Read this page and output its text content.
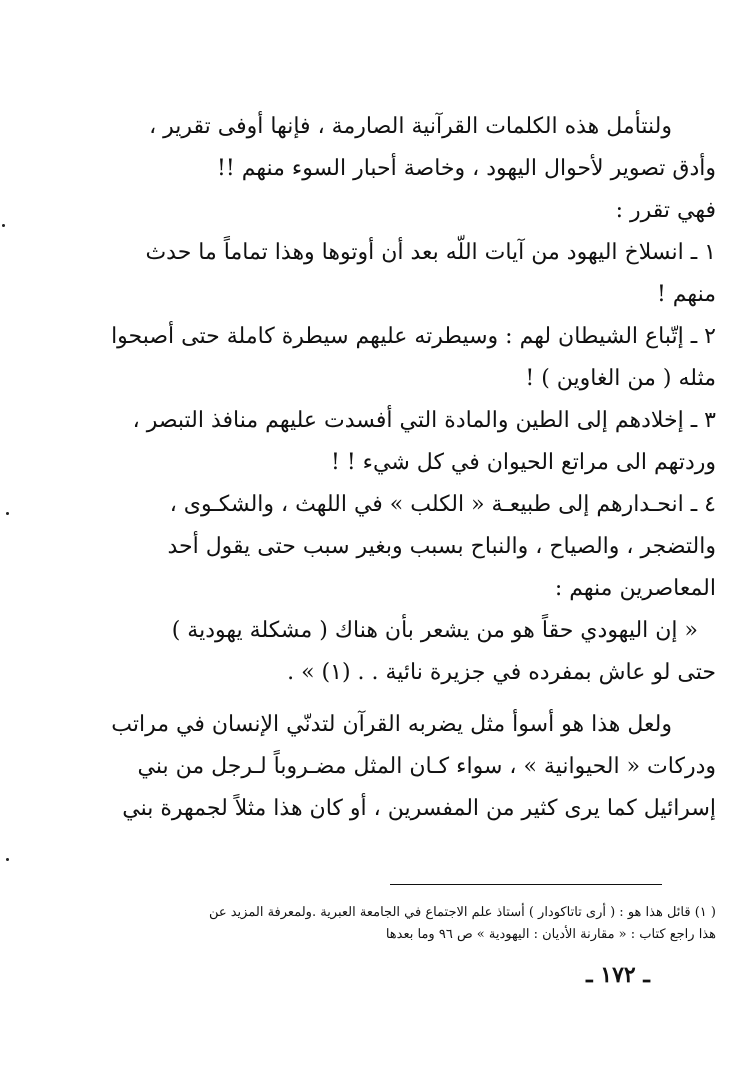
ولنتأمل هذه الكلمات القرآنية الصارمة ، فإنها أوفى تقرير ،
وأدق تصوير لأحوال اليهود ، وخاصة أحبار السوء منهم !!
فهي تقرر :
١ ـ انسلاخ اليهود من آيات اللّه بعد أن أوتوها وهذا تماماً ما حدث
منهم !
٢ ـ إتّباع الشيطان لهم : وسيطرته عليهم سيطرة كاملة حتى أصبحوا
مثله ( من الغاوين ) !
٣ ـ إخلادهم إلى الطين والمادة التي أفسدت عليهم منافذ التبصر ،
وردتهم الى مراتع الحيوان في كل شيء ! !
٤ ـ انحـدارهم إلى طبيعـة « الكلب » في اللهث ، والشكـوى ،
والتضجر ، والصياح ، والنباح بسبب وبغير سبب حتى يقول أحد
المعاصرين منهم :
« إن اليهودي حقاً هو من يشعر بأن هناك ( مشكلة يهودية )
حتى لو عاش بمفرده في جزيرة نائية . . (١) » .
ولعل هذا هو أسوأ مثل يضربه القرآن لتدنّي الإنسان في مراتب
ودركات « الحيوانية » ، سواء كـان المثل مضـروباً لـرجل من بني
إسرائيل كما يرى كثير من المفسرين ، أو كان هذا مثلاً لجمهرة بني
( ١) قائل هذا هو : ( أرى تاتاكودار ) أستاذ علم الاجتماع في الجامعة العبرية .ولمعرفة المزيد عن
هذا راجع كتاب : « مقارنة الأديان : اليهودية » ص ٩٦ وما بعدها
ـ ١٧٢ ـ
